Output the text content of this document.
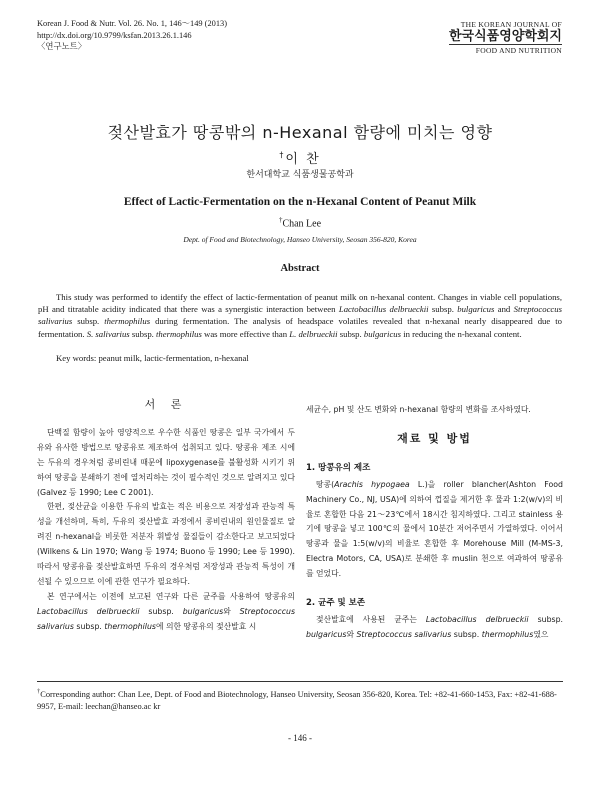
Korean J. Food & Nutr. Vol. 26. No. 1, 146～149 (2013)
http://dx.doi.org/10.9799/ksfan.2013.26.1.146
〈연구노트〉
THE KOREAN JOURNAL OF
한국식품영양학회지
FOOD AND NUTRITION
젖산발효가 땅콩밖의 n-Hexanal 함량에 미치는 영향
†이 찬
한서대학교 식품생물공학과
Effect of Lactic-Fermentation on the n-Hexanal Content of Peanut Milk
†Chan Lee
Dept. of Food and Biotechnology, Hanseo University, Seosan 356-820, Korea
Abstract
This study was performed to identify the effect of lactic-fermentation of peanut milk on n-hexanal content. Changes in viable cell populations, pH and titratable acidity indicated that there was a synergistic interaction between Lactobacillus delbrueckii subsp. bulgaricus and Streptococcus salivarius subsp. thermophilus during fermentation. The analysis of headspace volatiles revealed that n-hexanal nearly disappeared due to fermentation. S. salivarius subsp. thermophilus was more effective than L. delbrueckii subsp. bulgaricus in reducing the n-hexanal content.
Key words: peanut milk, lactic-fermentation, n-hexanal
서 론

단백질 함량이 높아 영양적으로 우수한 식품인 땅콩은 일부 국가에서 두유와 유사한 방법으로 땅콩유로 제조하여 섭취되고 있다. 땅콩유 제조 시에는 두유의 경우처럼 콩비린내 때문에 lipoxygenase를 불활성화 시키기 위하여 땅콩을 분쇄하기 전에 열처리하는 것이 필수적인 것으로 알려지고 있다(Galvez 등 1990; Lee C 2001).

한편, 젖산균을 이용한 두유의 발효는 적은 비용으로 저장성과 관능적 특성을 개선하며, 특히, 두유의 젖산발효 과정에서 콩비린내의 원인물질로 알려진 n-hexanal을 비롯한 저분자 휘발성 물질들이 감소한다고 보고되었다(Wilkens & Lin 1970; Wang 등 1974; Buono 등 1990; Lee 등 1990). 따라서 땅콩유를 젖산발효하면 두유의 경우처럼 저장성과 관능적 특성이 개선될 수 있으므로 이에 관한 연구가 필요하다.

본 연구에서는 이전에 보고된 연구와 다른 균주를 사용하여 땅콩유의 Lactobacillus delbrueckii subsp. bulgaricus와 Streptococcus salivarius subsp. thermophilus에 의한 땅콩유의 젖산발효 시

세균수, pH 및 산도 변화와 n-hexanal 함량의 변화를 조사하였다.

재료 및 방법
1. 땅콩유의 제조

땅콩(Arachis hypogaea L.)을 roller blancher(Ashton Food Machinery Co., NJ, USA)에 의하여 껍질을 제거한 후 물과 1:2(w/v)의 비율로 혼합한 다음 21～23℃에서 18시간 침지하였다. 그리고 stainless 용기에 땅콩을 넣고 100℃의 물에서 10분간 저어주면서 가열하였다. 이어서 땅콩과 물을 1:5(w/v)의 비율로 혼합한 후 Morehouse Mill (M-MS-3, Electra Motors, CA, USA)로 분쇄한 후 muslin 천으로 여과하여 땅콩유를 얻었다.

2. 균주 및 보존

젖산발효에 사용된 균주는 Lactobacillus delbrueckii subsp. bulgaricus와 Streptococcus salivarius subsp. thermophilus였으

†Corresponding author: Chan Lee, Dept. of Food and Biotechnology, Hanseo University, Seosan 356-820, Korea. Tel: +82-41-660-1453, Fax: +82-41-688-9957, E-mail: leechan@hanseo.ac kr
- 146 -
